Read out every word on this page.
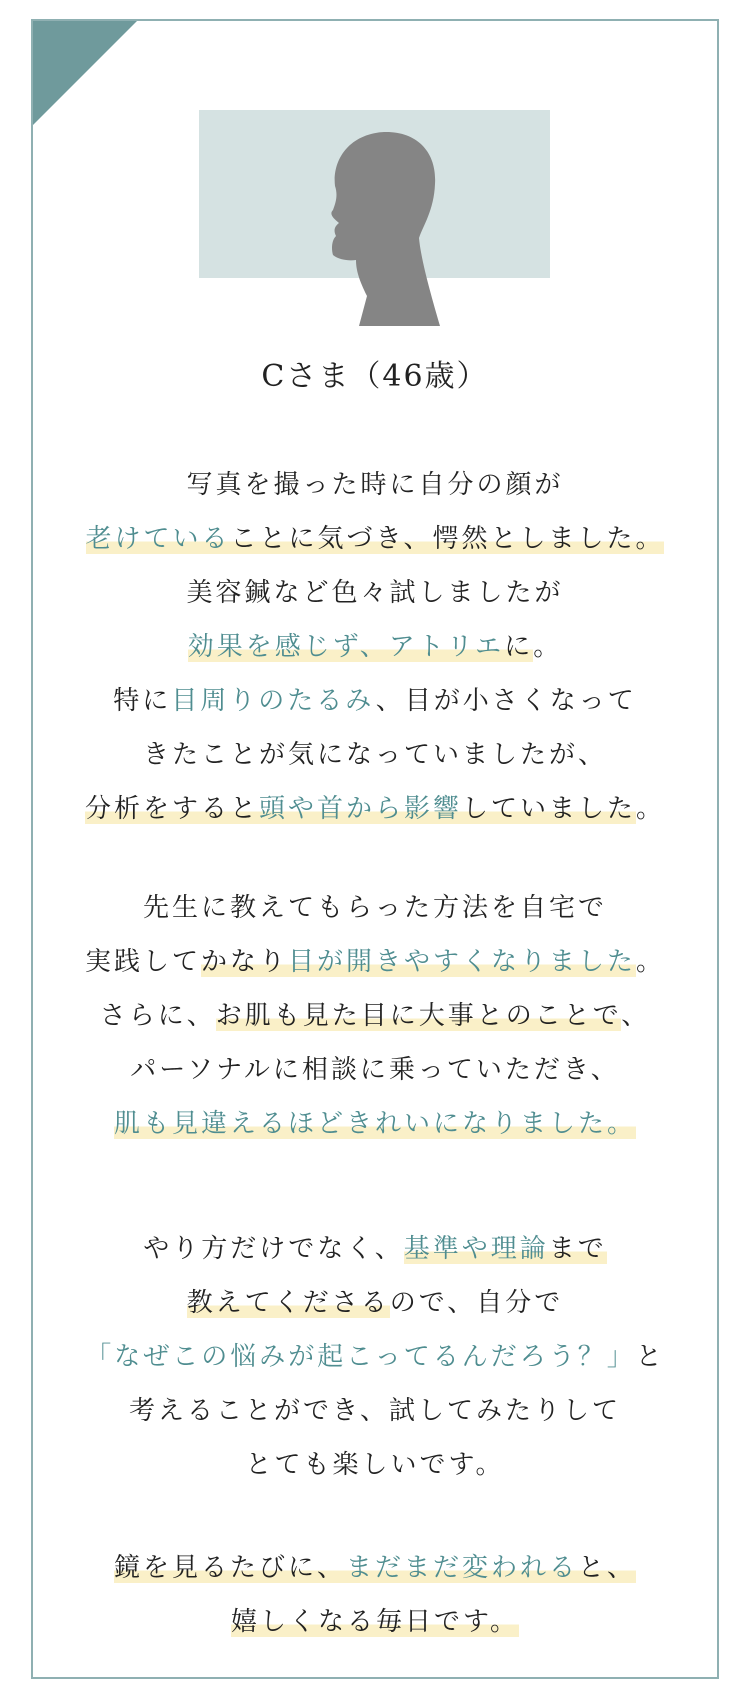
Cさま（46歳）
写真を撮った時に自分の顔が
老けていることに気づき、愕然としました。
美容鍼など色々試しましたが
効果を感じず、アトリエに。
特に目周りのたるみ、目が小さくなって
きたことが気になっていましたが、
分析をすると頭や首から影響していました。
先生に教えてもらった方法を自宅で
実践してかなり目が開きやすくなりました。
さらに、お肌も見た目に大事とのことで、
パーソナルに相談に乗っていただき、
肌も見違えるほどきれいになりました。
やり方だけでなく、基準や理論まで
教えてくださるので、自分で
「なぜこの悩みが起こってるんだろう？」と
考えることができ、試してみたりして
とても楽しいです。
鏡を見るたびに、まだまだ変われると、
嬉しくなる毎日です。
